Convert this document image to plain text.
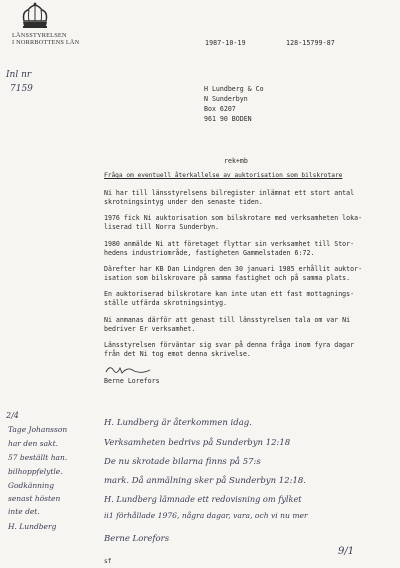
LÄNSSTYRELSEN
I NORRBOTTENS LÄN	1987-10-19	128-15799-87
Inl nr
7159	H Lundberg & Co
N Sunderbyn
Box 6207
961 90 BODEN
rek+mb
Fråga om eventuell återkallelse av auktorisation som bilskrotare
Ni har till länsstyrelsens bilregister inlämnat ett stort antal
skrotningsintyg under den senaste tiden.
1976 fick Ni auktorisation som bilskrotare med verksamheten loka-
liserad till Norra Sunderbyn.
1980 anmälde Ni att företaget flyttar sin verksamhet till Stor-
hedens industriområde, fastigheten Gammelstaden 6:72.
Därefter har KB Dan Lindgren den 30 januari 1985 erhållit auktor-
isation som bilskrovare på samma fastighet och på samma plats.
En auktoriserad bilskrotare kan inte utan ett fast mottagnings-
ställe utfärda skrotningsintyg.
Ni anmanas därför att genast till länsstyrelsen tala om var Ni
bedriver Er verksamhet.
Länsstyrelsen förväntar sig svar på denna fråga inom fyra dagar
från det Ni tog emot denna skrivelse.
Berne Lorefors
2/4
Tage Johansson
har den sakt.
57 beställt han.
bilhoppfelytle.
Godkänning
senast hösten
inte det.
H. Lundberg
H. Lundberg är återkommen idag.
Verksamheten bedrivs på Sunderbyn 12:18
De nu skrotade bilarna finns på 57:s
mark. Då anmälning sker på Sunderbyn 12:18.
H. Lundberg lämnade ett redovisning om fylket
ii1 förhållade 1976, några dagar, vara, och vi nu mer
Berne Lorefors
9/1
sf
